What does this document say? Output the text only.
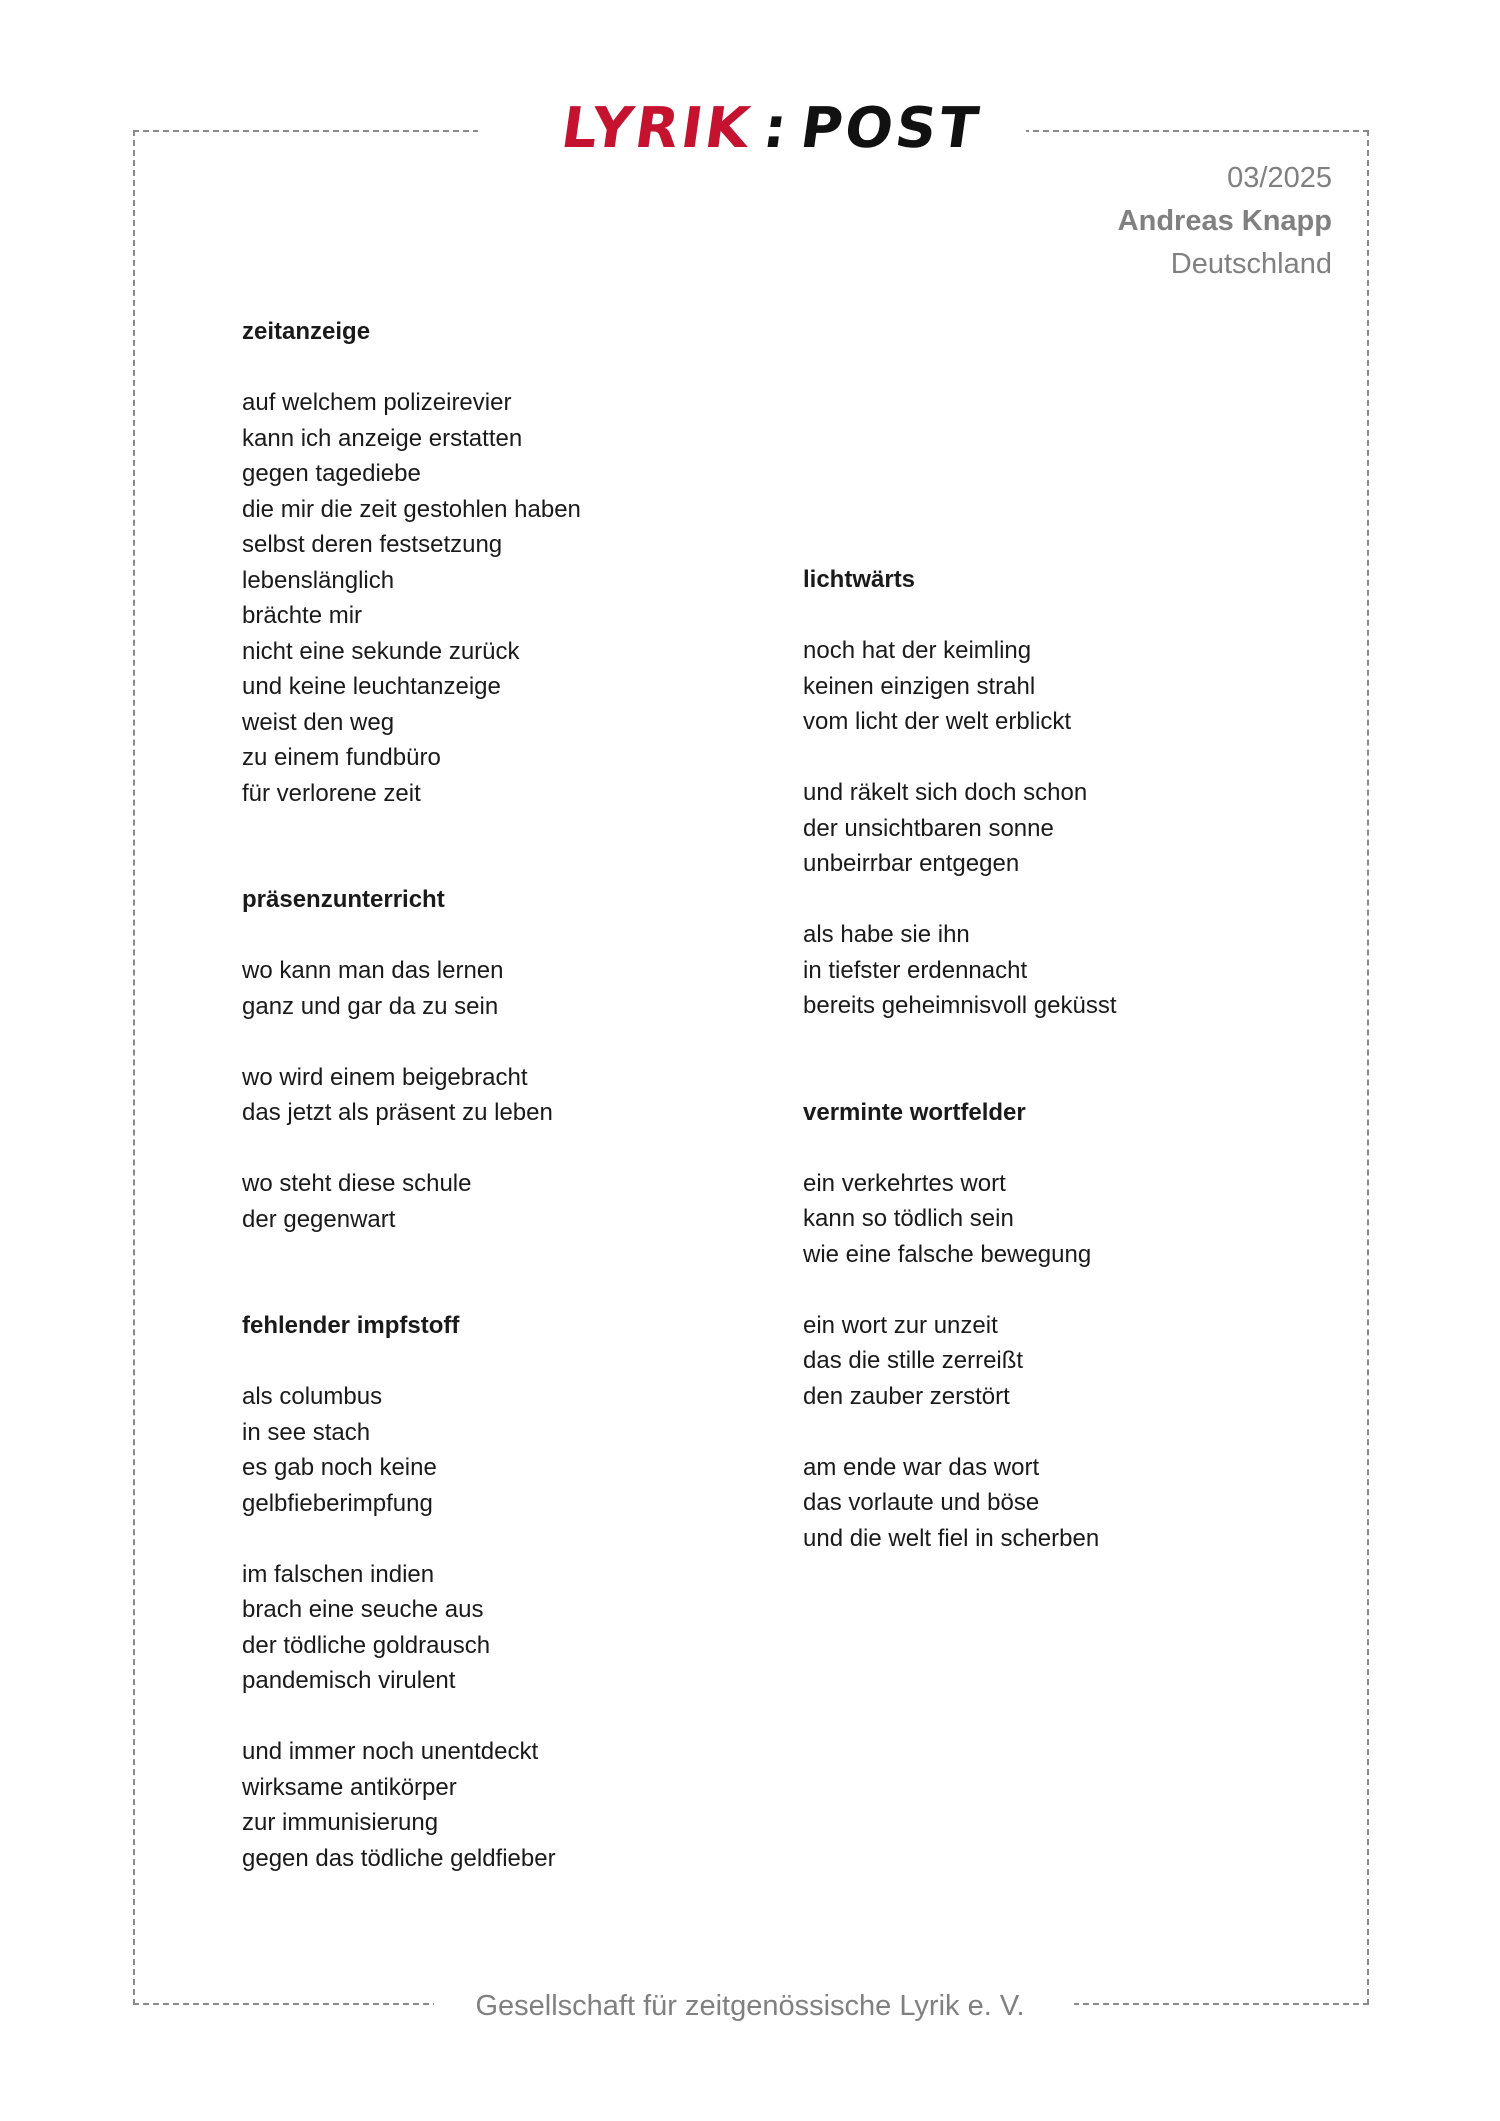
LYRIK : POST
03/2025
Andreas Knapp
Deutschland
zeitanzeige
auf welchem polizeirevier
kann ich anzeige erstatten
gegen tagediebe
die mir die zeit gestohlen haben
selbst deren festsetzung
lebenslänglich
brächte mir
nicht eine sekunde zurück
und keine leuchtanzeige
weist den weg
zu einem fundbüro
für verlorene zeit
präsenzunterricht
wo kann man das lernen
ganz und gar da zu sein
wo wird einem beigebracht
das jetzt als präsent zu leben
wo steht diese schule
der gegenwart
fehlender impfstoff
als columbus
in see stach
es gab noch keine
gelbfieberimpfung
im falschen indien
brach eine seuche aus
der tödliche goldrausch
pandemisch virulent
und immer noch unentdeckt
wirksame antikörper
zur immunisierung
gegen das tödliche geldfieber
lichtwärts
noch hat der keimling
keinen einzigen strahl
vom licht der welt erblickt
und räkelt sich doch schon
der unsichtbaren sonne
unbeirrbar entgegen
als habe sie ihn
in tiefster erdennacht
bereits geheimnisvoll geküsst
verminte wortfelder
ein verkehrtes wort
kann so tödlich sein
wie eine falsche bewegung
ein wort zur unzeit
das die stille zerreißt
den zauber zerstört
am ende war das wort
das vorlaute und böse
und die welt fiel in scherben
Gesellschaft für zeitgenössische Lyrik e. V.
